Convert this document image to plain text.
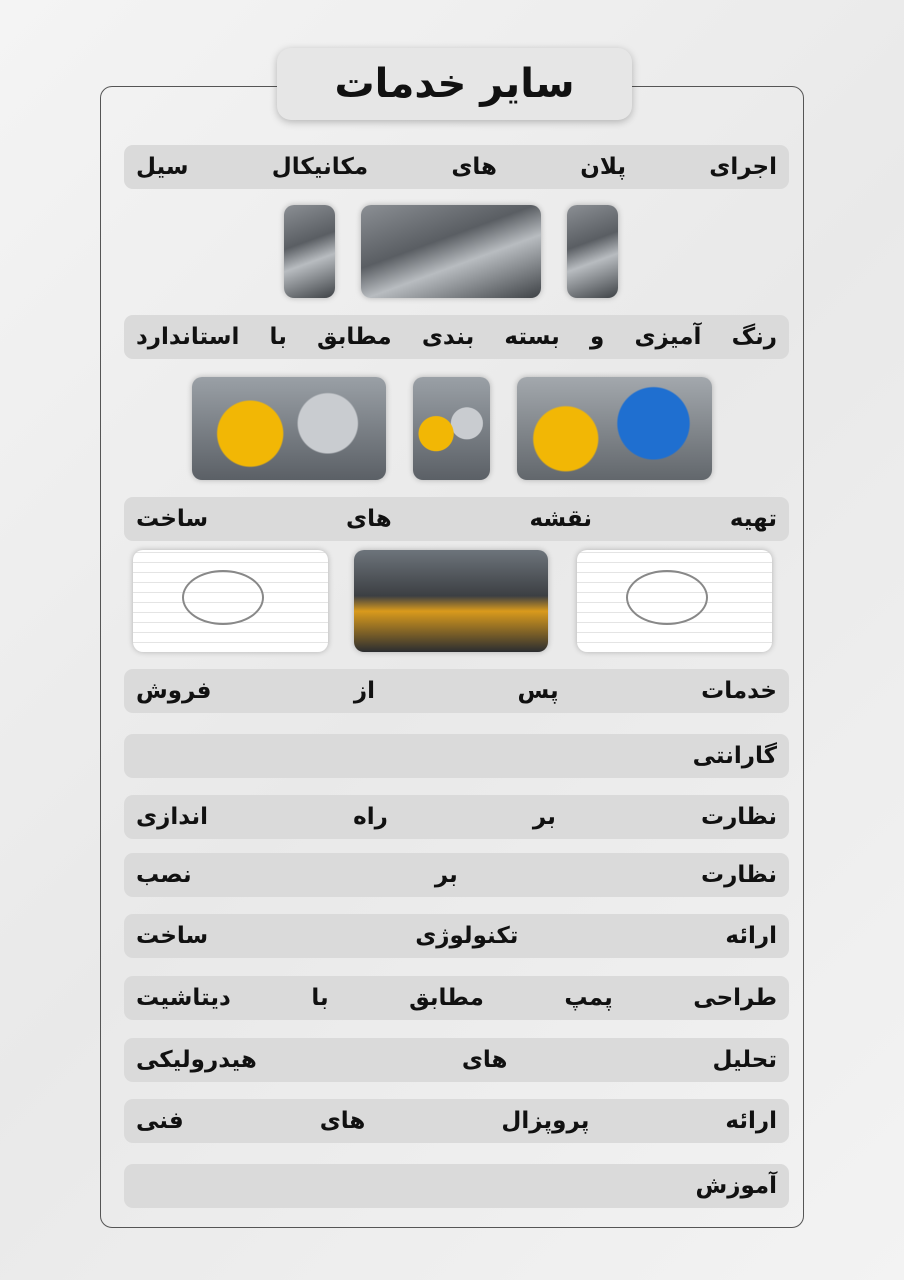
سایر خدمات
اجرای پلان های مکانیکال سیل
رنگ آمیزی و بسته بندی مطابق با استاندارد
تهیه نقشه های ساخت
خدمات پس از فروش
گارانتی
نظارت بر راه اندازی
نظارت بر نصب
ارائه تکنولوژی ساخت
طراحی پمپ مطابق با دیتاشیت
تحلیل های هیدرولیکی
ارائه پروپزال های فنی
آموزش
